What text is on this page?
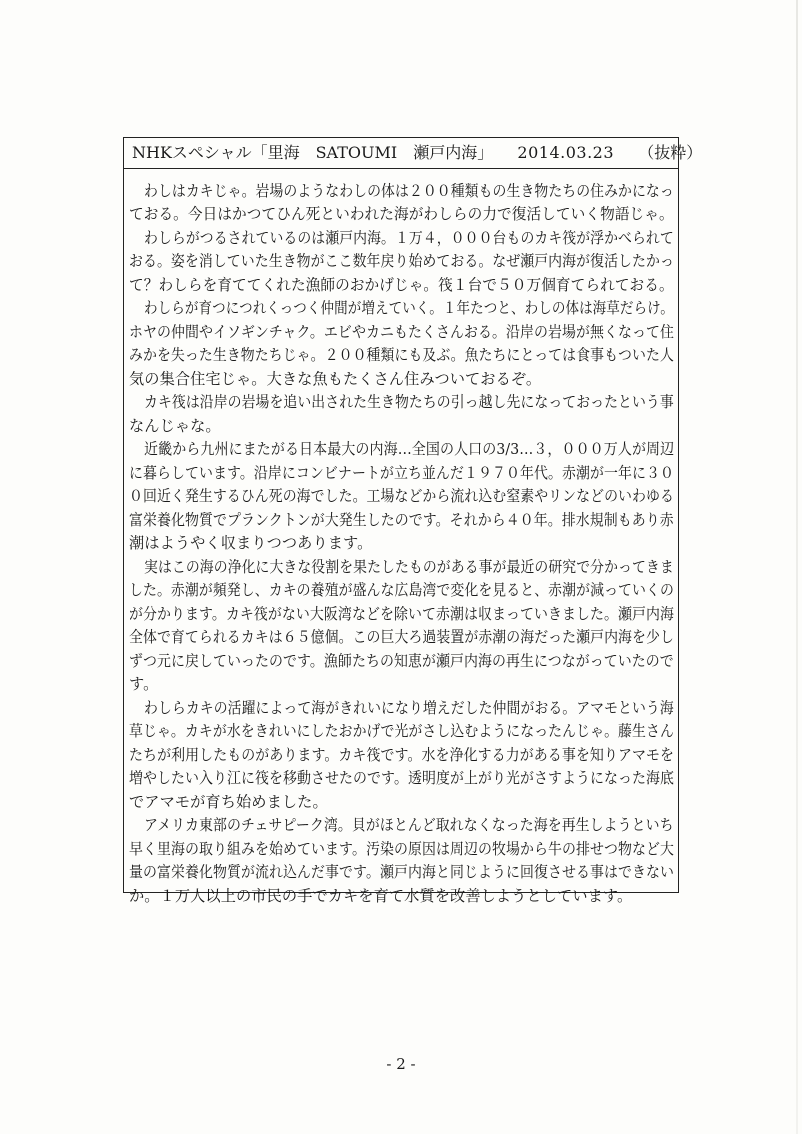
NHKスペシャル「里海　SATOUMI　瀬戸内海」 2014.03.23 （抜粋）
わしはカキじゃ。岩場のようなわしの体は２００種類もの生き物たちの住みかになっ
ておる。今日はかつてひん死といわれた海がわしらの力で復活していく物語じゃ。
わしらがつるされているのは瀬戸内海。１万４，０００台ものカキ筏が浮かべられて
おる。姿を消していた生き物がここ数年戻り始めておる。なぜ瀬戸内海が復活したかっ
て？わしらを育ててくれた漁師のおかげじゃ。筏１台で５０万個育てられておる。
わしらが育つにつれくっつく仲間が増えていく。１年たつと、わしの体は海草だらけ。
ホヤの仲間やイソギンチャク。エビやカニもたくさんおる。沿岸の岩場が無くなって住
みかを失った生き物たちじゃ。２００種類にも及ぶ。魚たちにとっては食事もついた人
気の集合住宅じゃ。大きな魚もたくさん住みついておるぞ。
カキ筏は沿岸の岩場を追い出された生き物たちの引っ越し先になっておったという事
なんじゃな。
近畿から九州にまたがる日本最大の内海…全国の人口の3/3…３，０００万人が周辺
に暮らしています。沿岸にコンビナートが立ち並んだ１９７０年代。赤潮が一年に３０
０回近く発生するひん死の海でした。工場などから流れ込む窒素やリンなどのいわゆる
富栄養化物質でプランクトンが大発生したのです。それから４０年。排水規制もあり赤
潮はようやく収まりつつあります。
実はこの海の浄化に大きな役割を果たしたものがある事が最近の研究で分かってきま
した。赤潮が頻発し、カキの養殖が盛んな広島湾で変化を見ると、赤潮が減っていくの
が分かります。カキ筏がない大阪湾などを除いて赤潮は収まっていきました。瀬戸内海
全体で育てられるカキは６５億個。この巨大ろ過装置が赤潮の海だった瀬戸内海を少し
ずつ元に戻していったのです。漁師たちの知恵が瀬戸内海の再生につながっていたので
す。
わしらカキの活躍によって海がきれいになり増えだした仲間がおる。アマモという海
草じゃ。カキが水をきれいにしたおかげで光がさし込むようになったんじゃ。藤生さん
たちが利用したものがあります。カキ筏です。水を浄化する力がある事を知りアマモを
増やしたい入り江に筏を移動させたのです。透明度が上がり光がさすようになった海底
でアマモが育ち始めました。
アメリカ東部のチェサピーク湾。貝がほとんど取れなくなった海を再生しようといち
早く里海の取り組みを始めています。汚染の原因は周辺の牧場から牛の排せつ物など大
量の富栄養化物質が流れ込んだ事です。瀬戸内海と同じように回復させる事はできない
か。１万人以上の市民の手でカキを育て水質を改善しようとしています。
- 2 -
